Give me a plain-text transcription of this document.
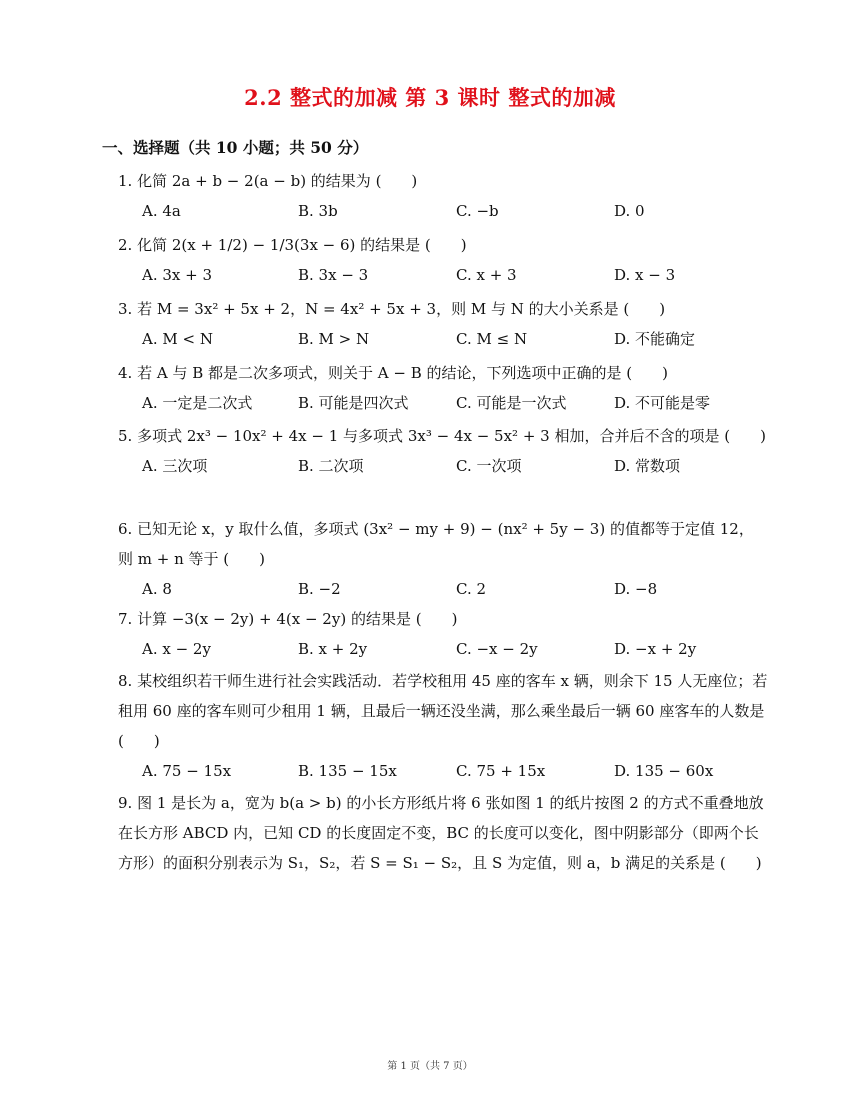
2.2 整式的加减 第 3 课时 整式的加减
一、选择题（共 10 小题；共 50 分）
1. 化简 2a + b − 2(a − b) 的结果为 (　　)
A. 4a	B. 3b	C. −b	D. 0
2. 化简 2(x + 1/2) − 1/3(3x − 6) 的结果是 (　　)
A. 3x + 3	B. 3x − 3	C. x + 3	D. x − 3
3. 若 M = 3x² + 5x + 2，N = 4x² + 5x + 3，则 M 与 N 的大小关系是 (　　)
A. M < N	B. M > N	C. M ≤ N	D. 不能确定
4. 若 A 与 B 都是二次多项式，则关于 A − B 的结论，下列选项中正确的是 (　　)
A. 一定是二次式	B. 可能是四次式	C. 可能是一次式	D. 不可能是零
5. 多项式 2x³ − 10x² + 4x − 1 与多项式 3x³ − 4x − 5x² + 3 相加，合并后不含的项是 (　　)
A. 三次项	B. 二次项	C. 一次项	D. 常数项
6. 已知无论 x，y 取什么值，多项式 (3x² − my + 9) − (nx² + 5y − 3) 的值都等于定值 12，则 m + n 等于 (　　)
A. 8	B. −2	C. 2	D. −8
7. 计算 −3(x − 2y) + 4(x − 2y) 的结果是 (　　)
A. x − 2y	B. x + 2y	C. −x − 2y	D. −x + 2y
8. 某校组织若干师生进行社会实践活动．若学校租用 45 座的客车 x 辆，则余下 15 人无座位；若租用 60 座的客车则可少租用 1 辆，且最后一辆还没坐满，那么乘坐最后一辆 60 座客车的人数是 (　　)
A. 75 − 15x	B. 135 − 15x	C. 75 + 15x	D. 135 − 60x
9. 图 1 是长为 a，宽为 b(a > b) 的小长方形纸片将 6 张如图 1 的纸片按图 2 的方式不重叠地放在长方形 ABCD 内，已知 CD 的长度固定不变，BC 的长度可以变化，图中阴影部分（即两个长方形）的面积分别表示为 S₁，S₂，若 S = S₁ − S₂，且 S 为定值，则 a，b 满足的关系是 (　　)
第 1 页（共 7 页）
